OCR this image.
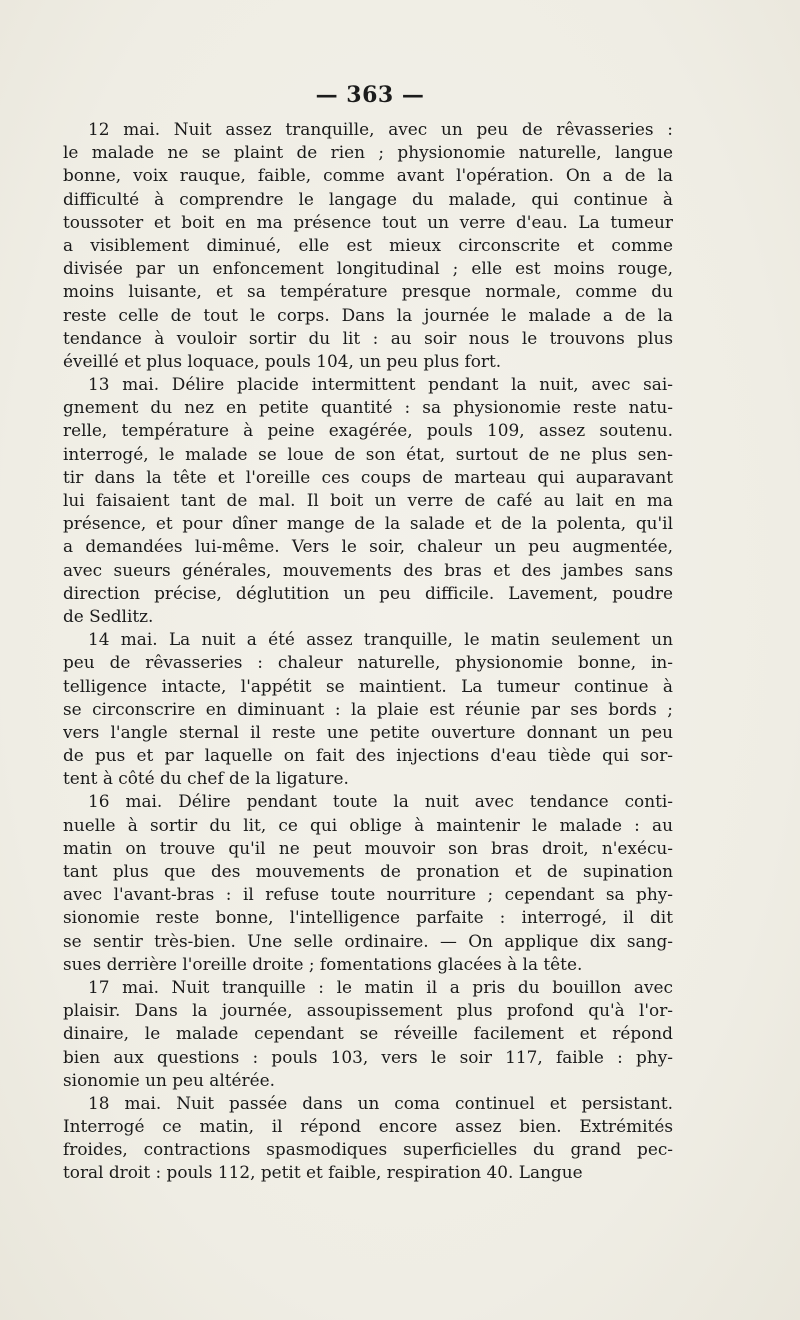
— 363 —
12 mai. Nuit assez tranquille, avec un peu de rêvasseries :
le malade ne se plaint de rien ; physionomie naturelle, langue
bonne, voix rauque, faible, comme avant l'opération. On a de la
difficulté à comprendre le langage du malade, qui continue à
toussoter et boit en ma présence tout un verre d'eau. La tumeur
a visiblement diminué, elle est mieux circonscrite et comme
divisée par un enfoncement longitudinal ; elle est moins rouge,
moins luisante, et sa température presque normale, comme du
reste celle de tout le corps. Dans la journée le malade a de la
tendance à vouloir sortir du lit : au soir nous le trouvons plus
éveillé et plus loquace, pouls 104, un peu plus fort.
13 mai. Délire placide intermittent pendant la nuit, avec sai-
gnement du nez en petite quantité : sa physionomie reste natu-
relle, température à peine exagérée, pouls 109, assez soutenu.
interrogé, le malade se loue de son état, surtout de ne plus sen-
tir dans la tête et l'oreille ces coups de marteau qui auparavant
lui faisaient tant de mal. Il boit un verre de café au lait en ma
présence, et pour dîner mange de la salade et de la polenta, qu'il
a demandées lui-même. Vers le soir, chaleur un peu augmentée,
avec sueurs générales, mouvements des bras et des jambes sans
direction précise, déglutition un peu difficile. Lavement, poudre
de Sedlitz.
14 mai. La nuit a été assez tranquille, le matin seulement un
peu de rêvasseries : chaleur naturelle, physionomie bonne, in-
telligence intacte, l'appétit se maintient. La tumeur continue à
se circonscrire en diminuant : la plaie est réunie par ses bords ;
vers l'angle sternal il reste une petite ouverture donnant un peu
de pus et par laquelle on fait des injections d'eau tiède qui sor-
tent à côté du chef de la ligature.
16 mai. Délire pendant toute la nuit avec tendance conti-
nuelle à sortir du lit, ce qui oblige à maintenir le malade : au
matin on trouve qu'il ne peut mouvoir son bras droit, n'exécu-
tant plus que des mouvements de pronation et de supination
avec l'avant-bras : il refuse toute nourriture ; cependant sa phy-
sionomie reste bonne, l'intelligence parfaite : interrogé, il dit
se sentir très-bien. Une selle ordinaire. — On applique dix sang-
sues derrière l'oreille droite ; fomentations glacées à la tête.
17 mai. Nuit tranquille : le matin il a pris du bouillon avec
plaisir. Dans la journée, assoupissement plus profond qu'à l'or-
dinaire, le malade cependant se réveille facilement et répond
bien aux questions : pouls 103, vers le soir 117, faible : phy-
sionomie un peu altérée.
18 mai. Nuit passée dans un coma continuel et persistant.
Interrogé ce matin, il répond encore assez bien. Extrémités
froides, contractions spasmodiques superficielles du grand pec-
toral droit : pouls 112, petit et faible, respiration 40. Langue
